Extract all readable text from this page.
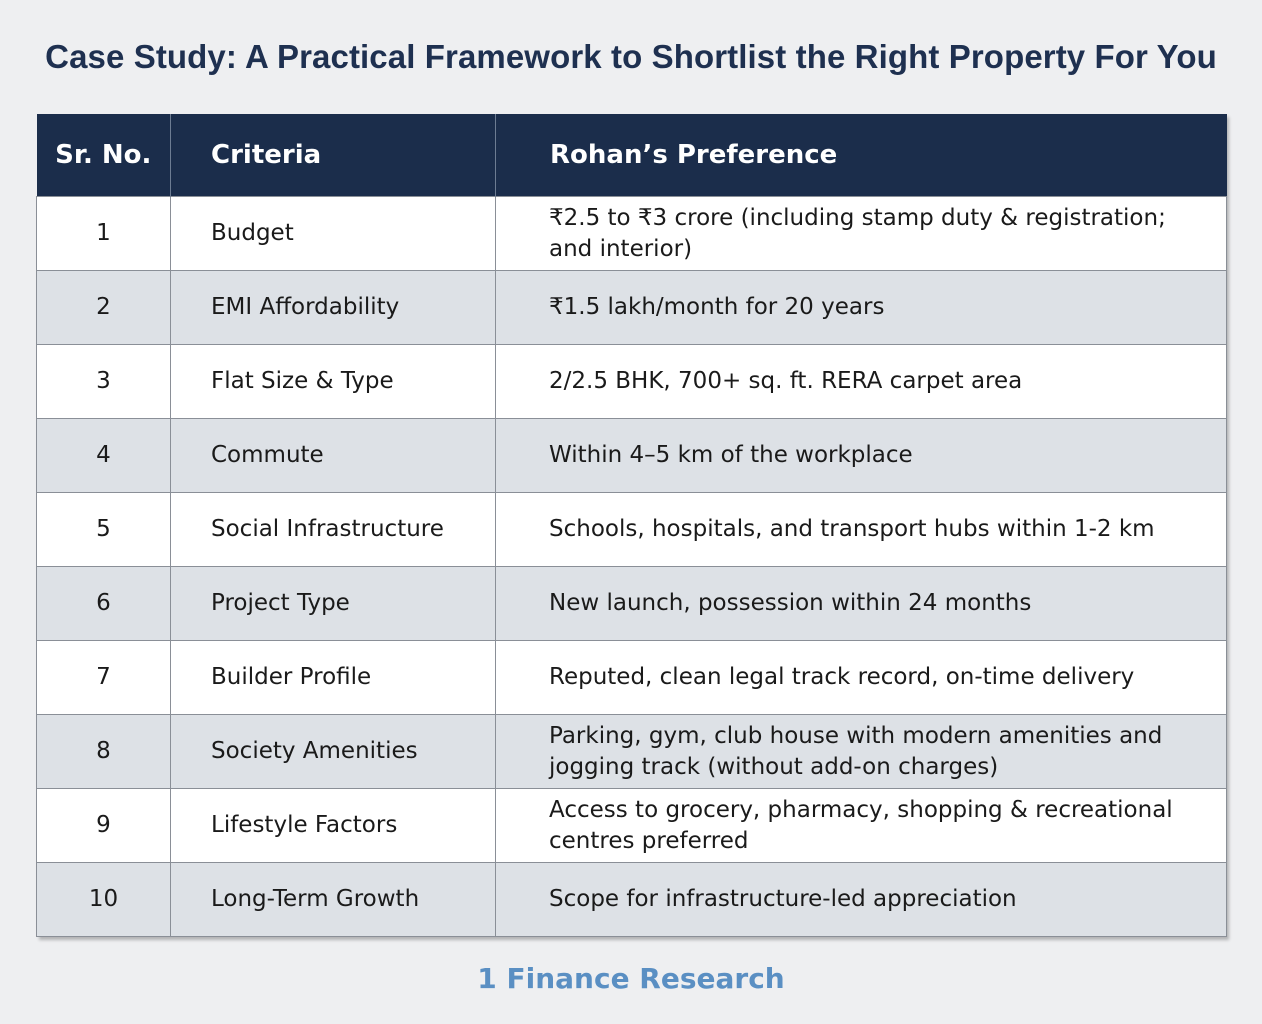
Case Study: A Practical Framework to Shortlist the Right Property For You
Sr. No.	Criteria	Rohan’s Preference
1	Budget	₹2.5 to ₹3 crore (including stamp duty & registration; and interior)
2	EMI Affordability	₹1.5 lakh/month for 20 years
3	Flat Size & Type	2/2.5 BHK, 700+ sq. ft. RERA carpet area
4	Commute	Within 4–5 km of the workplace
5	Social Infrastructure	Schools, hospitals, and transport hubs within 1-2 km
6	Project Type	New launch, possession within 24 months
7	Builder Profile	Reputed, clean legal track record, on-time delivery
8	Society Amenities	Parking, gym, club house with modern amenities and jogging track (without add-on charges)
9	Lifestyle Factors	Access to grocery, pharmacy, shopping & recreational centres preferred
10	Long-Term Growth	Scope for infrastructure-led appreciation
1 Finance Research
